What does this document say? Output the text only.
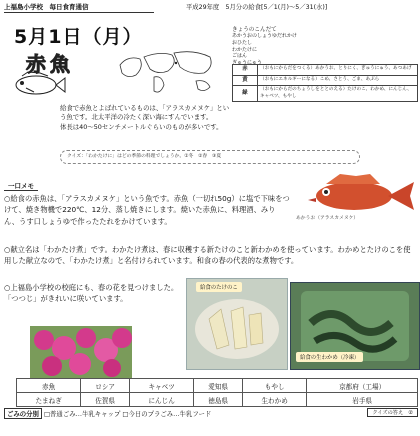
上福島小学校　毎日食育通信	平成29年度　5月分の給食[5／1(月)～5／31(水)]
5月1日（月）
赤魚
給食で赤魚とよばれているものは、「アラスカメヌケ」という魚です。北太平洋の冷たく深い海にすんでいます。
体長は40～50センチメートルぐらいのものが多いです。
きょうのこんだて
あかうおのしょうゆだれかけ
おひたし
わかたけに
ごはん
ぎゅうにゅう
赤	（おもにからだをつくる）あかうお、とりにく、ぎゅうにゅう、あつあげ
黄	（おもにエネルギーになる）こめ、さとう、ごま、あぶら
緑	（おもにからだのちょうしをととのえる）たけのこ、わかめ、にんじん、キャベツ、もやし
クイズ：「わかたけに」はどの季節の料理でしょうか。①冬　②春　③夏
一口メモ
○給食の赤魚は、「アラスカメヌケ」という魚です。赤魚（一切れ50g）に塩で下味をつけて、焼き物機で220℃、12分、蒸し焼きにします。焼いた赤魚に、料理酒、みりん、うす口しょうゆで作ったたれをかけています。	あかうお（アラスカメヌケ）
○献立名は「わかたけ煮」です。わかたけ煮は、春に収穫する新たけのこと新わかめを使っています。わかめとたけのこを使用した献立なので、「わかたけ煮」と名付けられています。和食の春の代表的な煮物です。
○上福島小学校の校庭にも、春の花を見つけました。
「つつじ」がきれいに咲いています。
給食のたけのこ
給食の生わかめ（冷凍）
赤魚	ロシア	キャベツ	愛知県	もやし	京都府（工場）
たまねぎ	佐賀県	にんじん	徳島県	生わかめ	岩手県
ごみの分別 □普通ごみ…牛乳キャップ □今日のプラごみ…牛乳フード	クイズの答え　②
